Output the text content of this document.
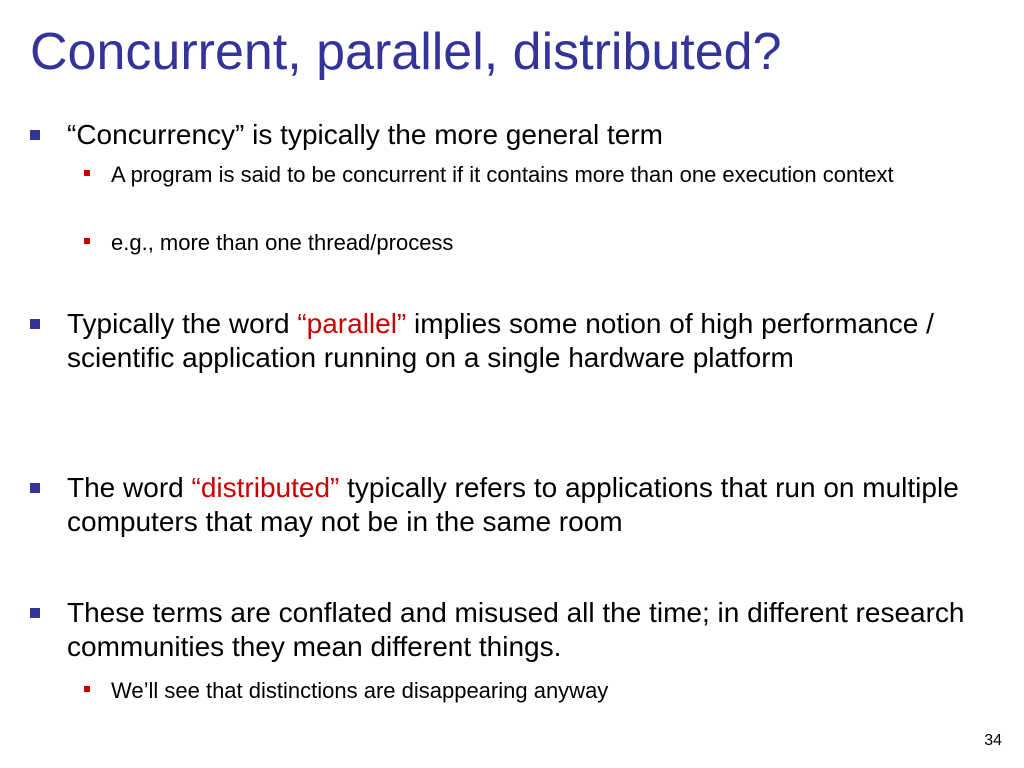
Concurrent, parallel, distributed?
“Concurrency” is typically the more general term
A program is said to be concurrent if it contains more than one execution context
e.g., more than one thread/process
Typically the word “parallel” implies some notion of high performance / scientific application running on a single hardware platform
The word “distributed” typically refers to applications that run on multiple computers that may not be in the same room
These terms are conflated and misused all the time; in different research communities they mean different things.
We’ll see that distinctions are disappearing anyway
34
